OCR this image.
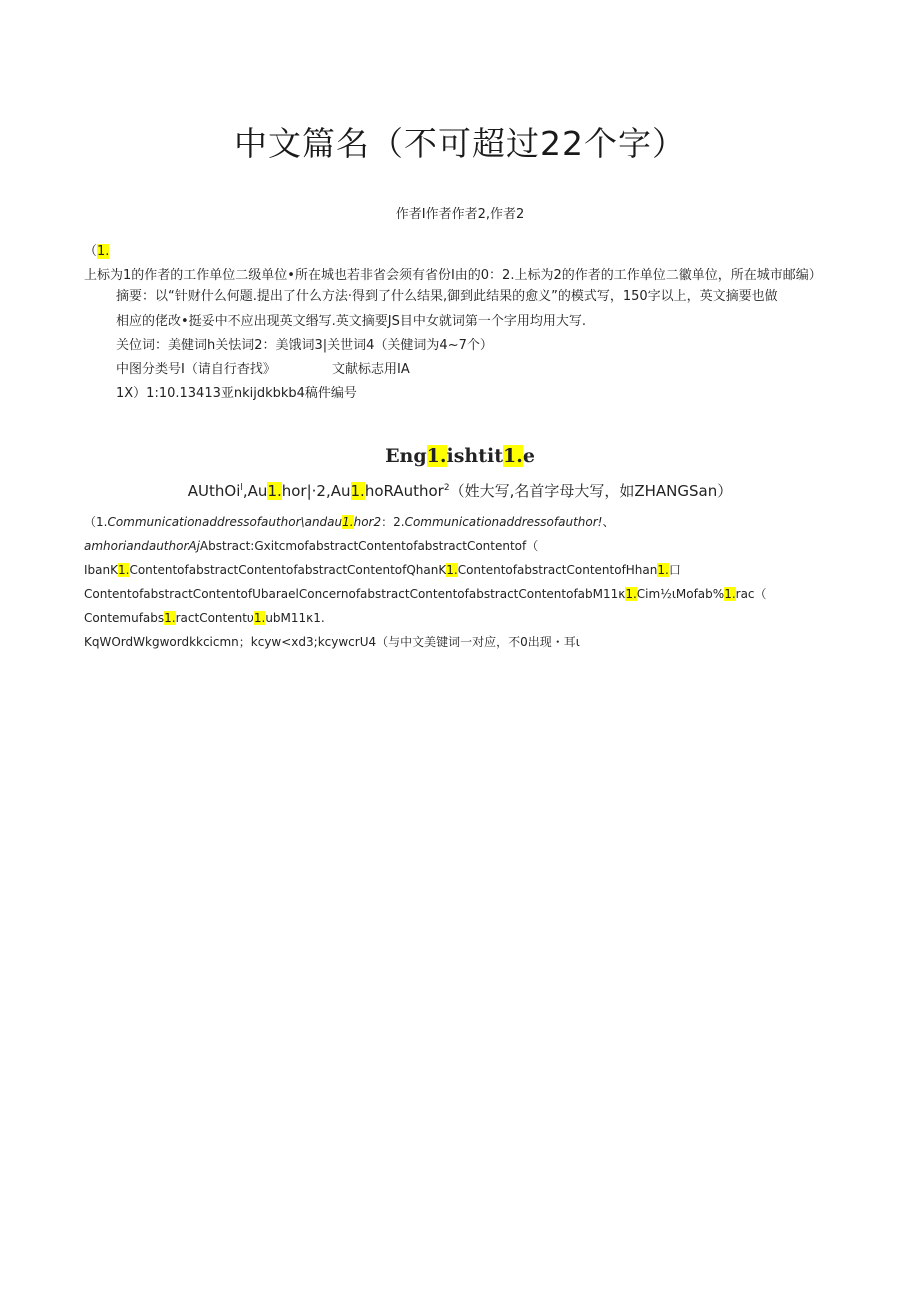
中文篇名（不可超过22个字）
作者I作者作者2,作者2
（1.上标为1的作者的工作单位二级单位•所在城也若非省会须有省份I由的0：2.上标为2的作者的工作单位二徽单位，所在城市邮编）
摘要：以“针财什么何题.提出了什么方法·得到了什么结果,御到此结果的愈义”的模式写，150字以上，英文摘要也做
相应的佬改•挺妥中不应出现英文缗写.英文摘要JS目中女就词第一个字用均用大写.
关位词：美健词h关怯词2：美饿词3|关世词4（关健词为4~7个）
中图分类号I（请自行杳找》	文献标志用IA
1X）1:10.13413亚nkijdkbkb4稿件编号
Eng1.ishtit1.e
AUthOi$^l$,Au1.hor|·2,Au1.hoRAuthor$^2$（姓大写,名首字母大写，如ZHANGSan）
（1.Communicationaddressofauthor\andau1.hor2：2.Communicationaddressofauthor!、
amhoriandauthorAjAbstract:GxitcmofabstractContentofabstractContentof（
IbanK1.ContentofabstractContentofabstractContentofQhanK1.ContentofabstractContentofHhan1.口
ContentofabstractContentofUbaraelConcernofabstractContentofabstractContentofabM11κ1.Cim½ιMofab%1.rac（
Contemufabs1.ractContentυ1.ubM11κ1.
KqWOrdWkgwordkkcicmn；kcyw<xd3;kcywcrU4（与中文美键词一对应，不0出现・耳ι
